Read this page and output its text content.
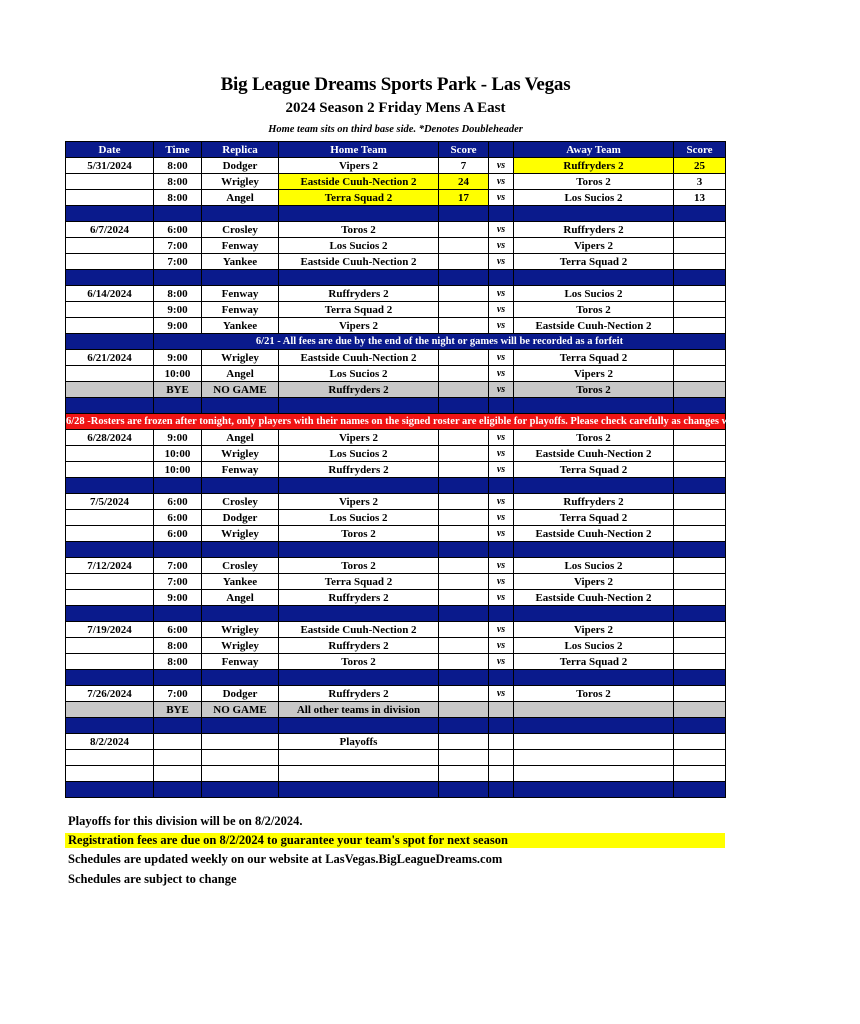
Big League Dreams Sports Park - Las Vegas
2024 Season 2 Friday Mens A East
Home team sits on third base side. *Denotes Doubleheader
Date	Time	Replica	Home Team	Score		Away Team	Score
5/31/2024	8:00	Dodger	Vipers 2	7	vs	Ruffryders 2	25
	8:00	Wrigley	Eastside Cuuh-Nection 2	24	vs	Toros 2	3
	8:00	Angel	Terra Squad 2	17	vs	Los Sucios 2	13

6/7/2024	6:00	Crosley	Toros 2		vs	Ruffryders 2	
	7:00	Fenway	Los Sucios 2		vs	Vipers 2	
	7:00	Yankee	Eastside Cuuh-Nection 2		vs	Terra Squad 2	

6/14/2024	8:00	Fenway	Ruffryders 2		vs	Los Sucios 2	
	9:00	Fenway	Terra Squad 2		vs	Toros 2	
	9:00	Yankee	Vipers 2		vs	Eastside Cuuh-Nection 2	
	6/21 - All fees are due by the end of the night or games will be recorded as a forfeit						
6/21/2024	9:00	Wrigley	Eastside Cuuh-Nection 2		vs	Terra Squad 2	
	10:00	Angel	Los Sucios 2		vs	Vipers 2	
	BYE	NO GAME	Ruffryders 2		vs	Toros 2	

6/28 -Rosters are frozen after tonight, only players with their names on the signed roster are eligible for playoffs. Please check carefully as changes will not be made for omissions.							
6/28/2024	9:00	Angel	Vipers 2		vs	Toros 2	
	10:00	Wrigley	Los Sucios 2		vs	Eastside Cuuh-Nection 2	
	10:00	Fenway	Ruffryders 2		vs	Terra Squad 2	

7/5/2024	6:00	Crosley	Vipers 2		vs	Ruffryders 2	
	6:00	Dodger	Los Sucios 2		vs	Terra Squad 2	
	6:00	Wrigley	Toros 2		vs	Eastside Cuuh-Nection 2	

7/12/2024	7:00	Crosley	Toros 2		vs	Los Sucios 2	
	7:00	Yankee	Terra Squad 2		vs	Vipers 2	
	9:00	Angel	Ruffryders 2		vs	Eastside Cuuh-Nection 2	

7/19/2024	6:00	Wrigley	Eastside Cuuh-Nection 2		vs	Vipers 2	
	8:00	Wrigley	Ruffryders 2		vs	Los Sucios 2	
	8:00	Fenway	Toros 2		vs	Terra Squad 2	

7/26/2024	7:00	Dodger	Ruffryders 2		vs	Toros 2	
	BYE	NO GAME	All other teams in division				

8/2/2024			Playoffs				

Playoffs for this division will be on 8/2/2024.
Registration fees are due on 8/2/2024 to guarantee your team's spot for next season
Schedules are updated weekly on our website at LasVegas.BigLeagueDreams.com
Schedules are subject to change
